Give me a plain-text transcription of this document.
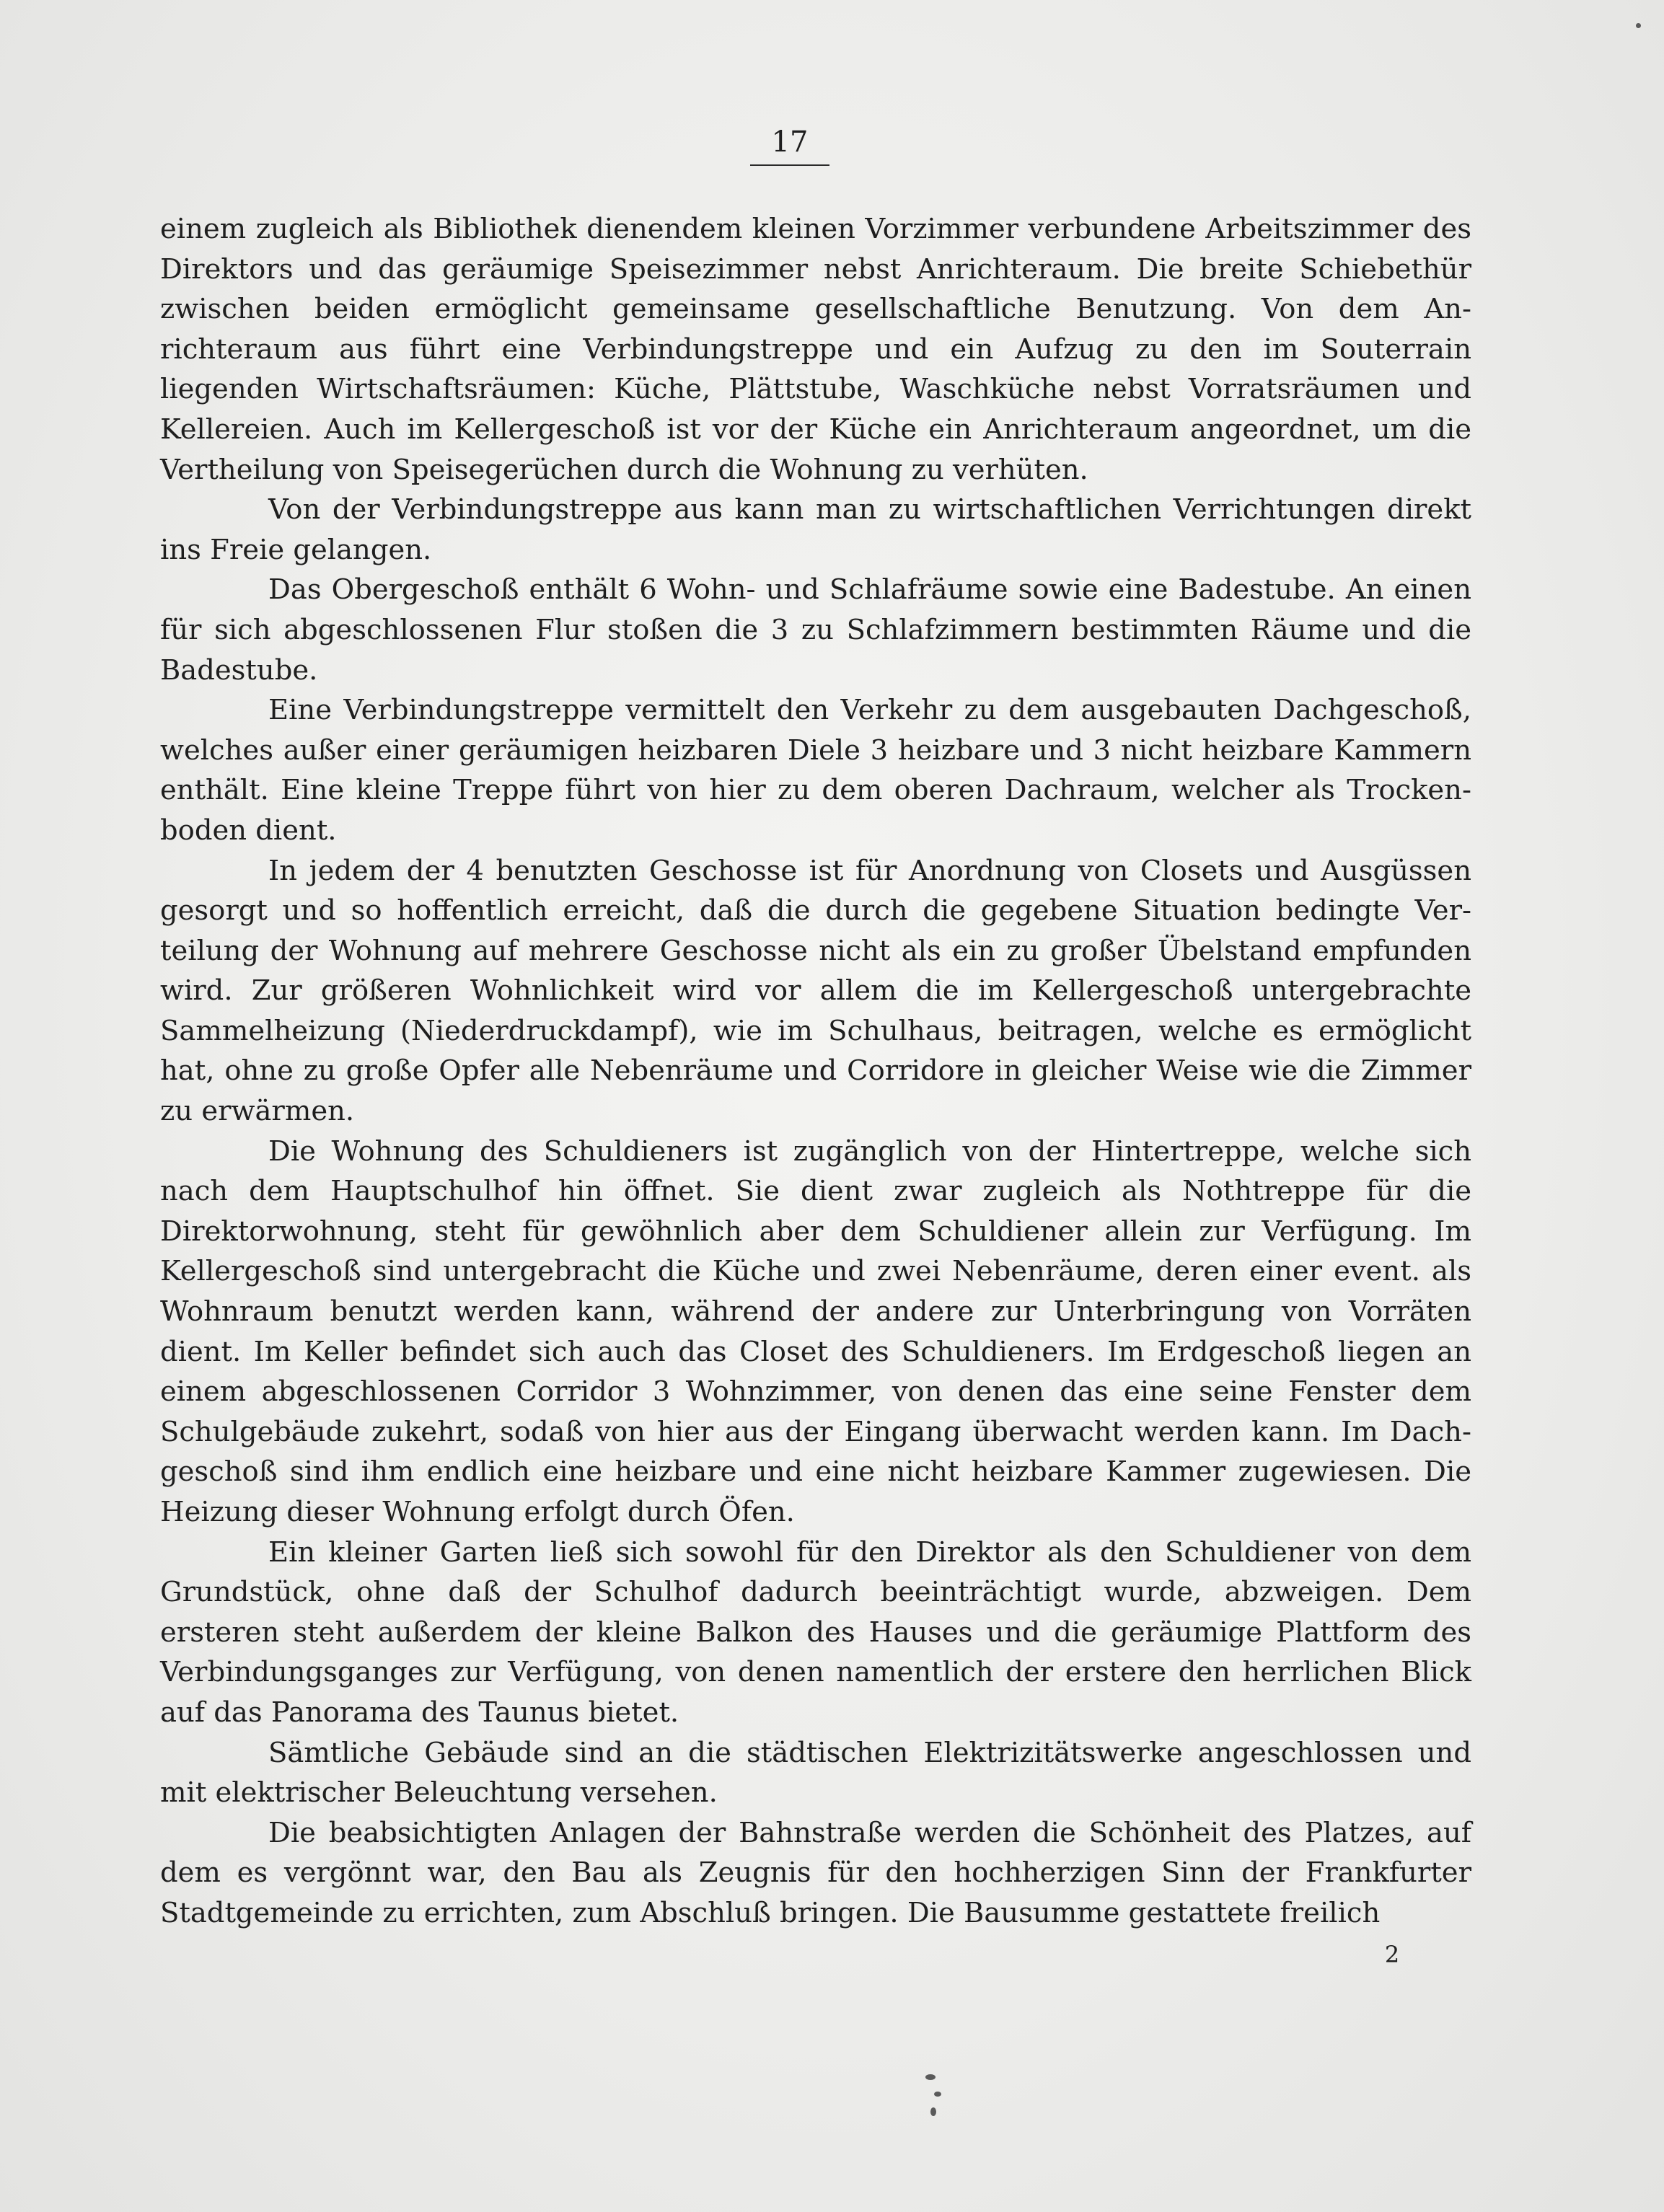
17

einem zugleich als Bibliothek dienendem kleinen Vorzimmer verbundene Arbeitszimmer des Direktors und das geräumige Speisezimmer nebst Anrichteraum. Die breite Schiebethür zwischen beiden ermöglicht gemeinsame gesellschaftliche Benutzung. Von dem Anrichteraum aus führt eine Verbindungstreppe und ein Aufzug zu den im Souterrain liegenden Wirtschaftsräumen: Küche, Plättstube, Waschküche nebst Vorratsräumen und Kellereien. Auch im Kellergeschoß ist vor der Küche ein Anrichteraum angeordnet, um die Vertheilung von Speisegerüchen durch die Wohnung zu verhüten.

Von der Verbindungstreppe aus kann man zu wirtschaftlichen Verrichtungen direkt ins Freie gelangen.

Das Obergeschoß enthält 6 Wohn- und Schlafräume sowie eine Badestube. An einen für sich abgeschlossenen Flur stoßen die 3 zu Schlafzimmern bestimmten Räume und die Badestube.

Eine Verbindungstreppe vermittelt den Verkehr zu dem ausgebauten Dachgeschoß, welches außer einer geräumigen heizbaren Diele 3 heizbare und 3 nicht heizbare Kammern enthält. Eine kleine Treppe führt von hier zu dem oberen Dachraum, welcher als Trockenboden dient.

In jedem der 4 benutzten Geschosse ist für Anordnung von Closets und Ausgüssen gesorgt und so hoffentlich erreicht, daß die durch die gegebene Situation bedingte Verteilung der Wohnung auf mehrere Geschosse nicht als ein zu großer Übelstand empfunden wird. Zur größeren Wohnlichkeit wird vor allem die im Kellergeschoß untergebrachte Sammelheizung (Niederdruckdampf), wie im Schulhaus, beitragen, welche es ermöglicht hat, ohne zu große Opfer alle Nebenräume und Corridore in gleicher Weise wie die Zimmer zu erwärmen.

Die Wohnung des Schuldieners ist zugänglich von der Hintertreppe, welche sich nach dem Hauptschulhof hin öffnet. Sie dient zwar zugleich als Nothtreppe für die Direktorwohnung, steht für gewöhnlich aber dem Schuldiener allein zur Verfügung. Im Kellergeschoß sind untergebracht die Küche und zwei Nebenräume, deren einer event. als Wohnraum benutzt werden kann, während der andere zur Unterbringung von Vorräten dient. Im Keller befindet sich auch das Closet des Schuldieners. Im Erdgeschoß liegen an einem abgeschlossenen Corridor 3 Wohnzimmer, von denen das eine seine Fenster dem Schulgebäude zukehrt, sodaß von hier aus der Eingang überwacht werden kann. Im Dachgeschoß sind ihm endlich eine heizbare und eine nicht heizbare Kammer zugewiesen. Die Heizung dieser Wohnung erfolgt durch Öfen.

Ein kleiner Garten ließ sich sowohl für den Direktor als den Schuldiener von dem Grundstück, ohne daß der Schulhof dadurch beeinträchtigt wurde, abzweigen. Dem ersteren steht außerdem der kleine Balkon des Hauses und die geräumige Plattform des Verbindungsganges zur Verfügung, von denen namentlich der erstere den herrlichen Blick auf das Panorama des Taunus bietet.

Sämtliche Gebäude sind an die städtischen Elektrizitätswerke angeschlossen und mit elektrischer Beleuchtung versehen.

Die beabsichtigten Anlagen der Bahnstraße werden die Schönheit des Platzes, auf dem es vergönnt war, den Bau als Zeugnis für den hochherzigen Sinn der Frankfurter Stadtgemeinde zu errichten, zum Abschluß bringen. Die Bausumme gestattete freilich

2
